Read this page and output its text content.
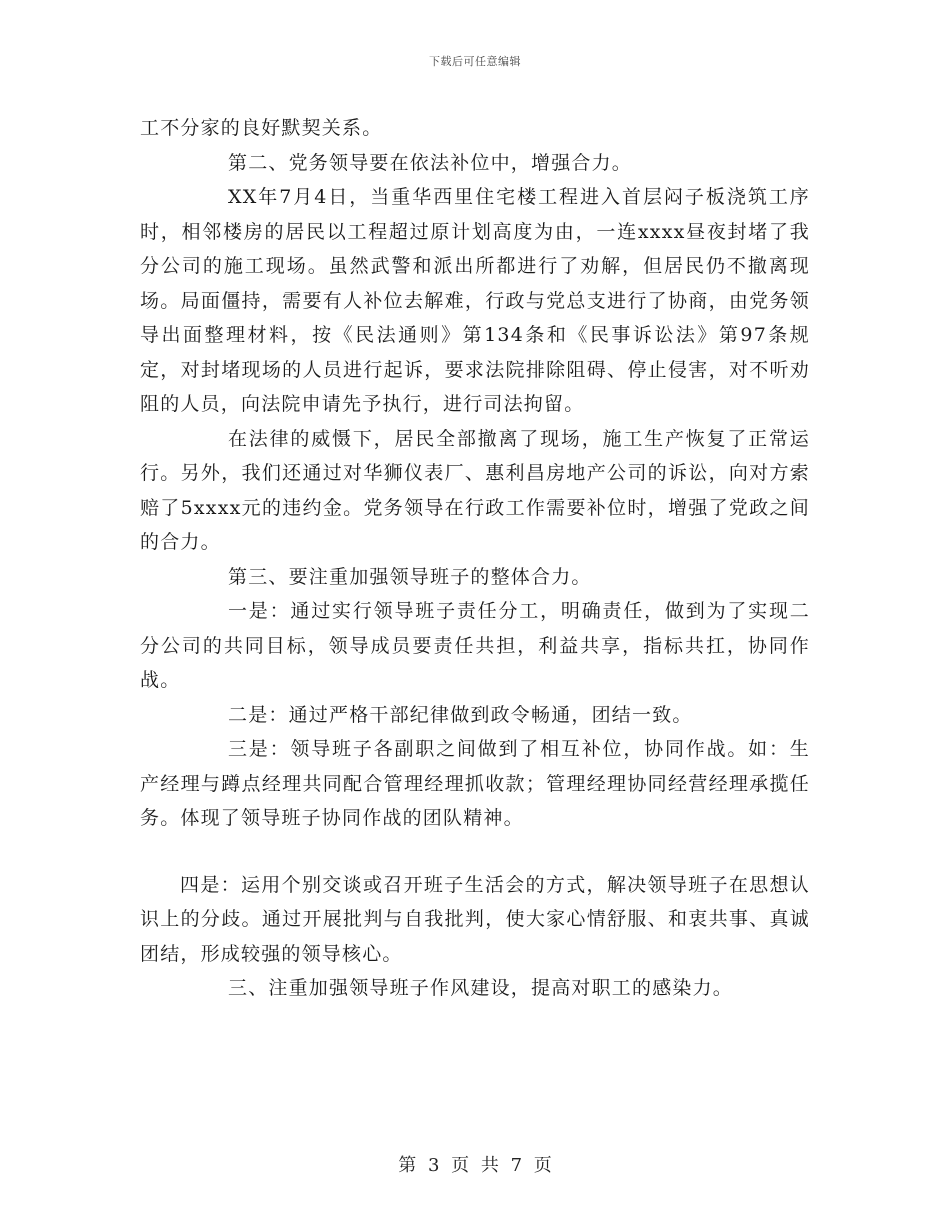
下载后可任意编辑

工不分家的良好默契关系。

第二、党务领导要在依法补位中，增强合力。

XX年7月4日，当重华西里住宅楼工程进入首层闷子板浇筑工序时，相邻楼房的居民以工程超过原计划高度为由，一连xxxx昼夜封堵了我分公司的施工现场。虽然武警和派出所都进行了劝解，但居民仍不撤离现场。局面僵持，需要有人补位去解难，行政与党总支进行了协商，由党务领导出面整理材料，按《民法通则》第134条和《民事诉讼法》第97条规定，对封堵现场的人员进行起诉，要求法院排除阻碍、停止侵害，对不听劝阻的人员，向法院申请先予执行，进行司法拘留。

在法律的威慑下，居民全部撤离了现场，施工生产恢复了正常运行。另外，我们还通过对华狮仪表厂、惠利昌房地产公司的诉讼，向对方索赔了5xxxx元的违约金。党务领导在行政工作需要补位时，增强了党政之间的合力。

第三、要注重加强领导班子的整体合力。

一是：通过实行领导班子责任分工，明确责任，做到为了实现二分公司的共同目标，领导成员要责任共担，利益共享，指标共扛，协同作战。

二是：通过严格干部纪律做到政令畅通，团结一致。

三是：领导班子各副职之间做到了相互补位，协同作战。如：生产经理与蹲点经理共同配合管理经理抓收款；管理经理协同经营经理承揽任务。体现了领导班子协同作战的团队精神。

四是：运用个别交谈或召开班子生活会的方式，解决领导班子在思想认识上的分歧。通过开展批判与自我批判，使大家心情舒服、和衷共事、真诚团结，形成较强的领导核心。

三、注重加强领导班子作风建设，提高对职工的感染力。

第 3 页 共 7 页
